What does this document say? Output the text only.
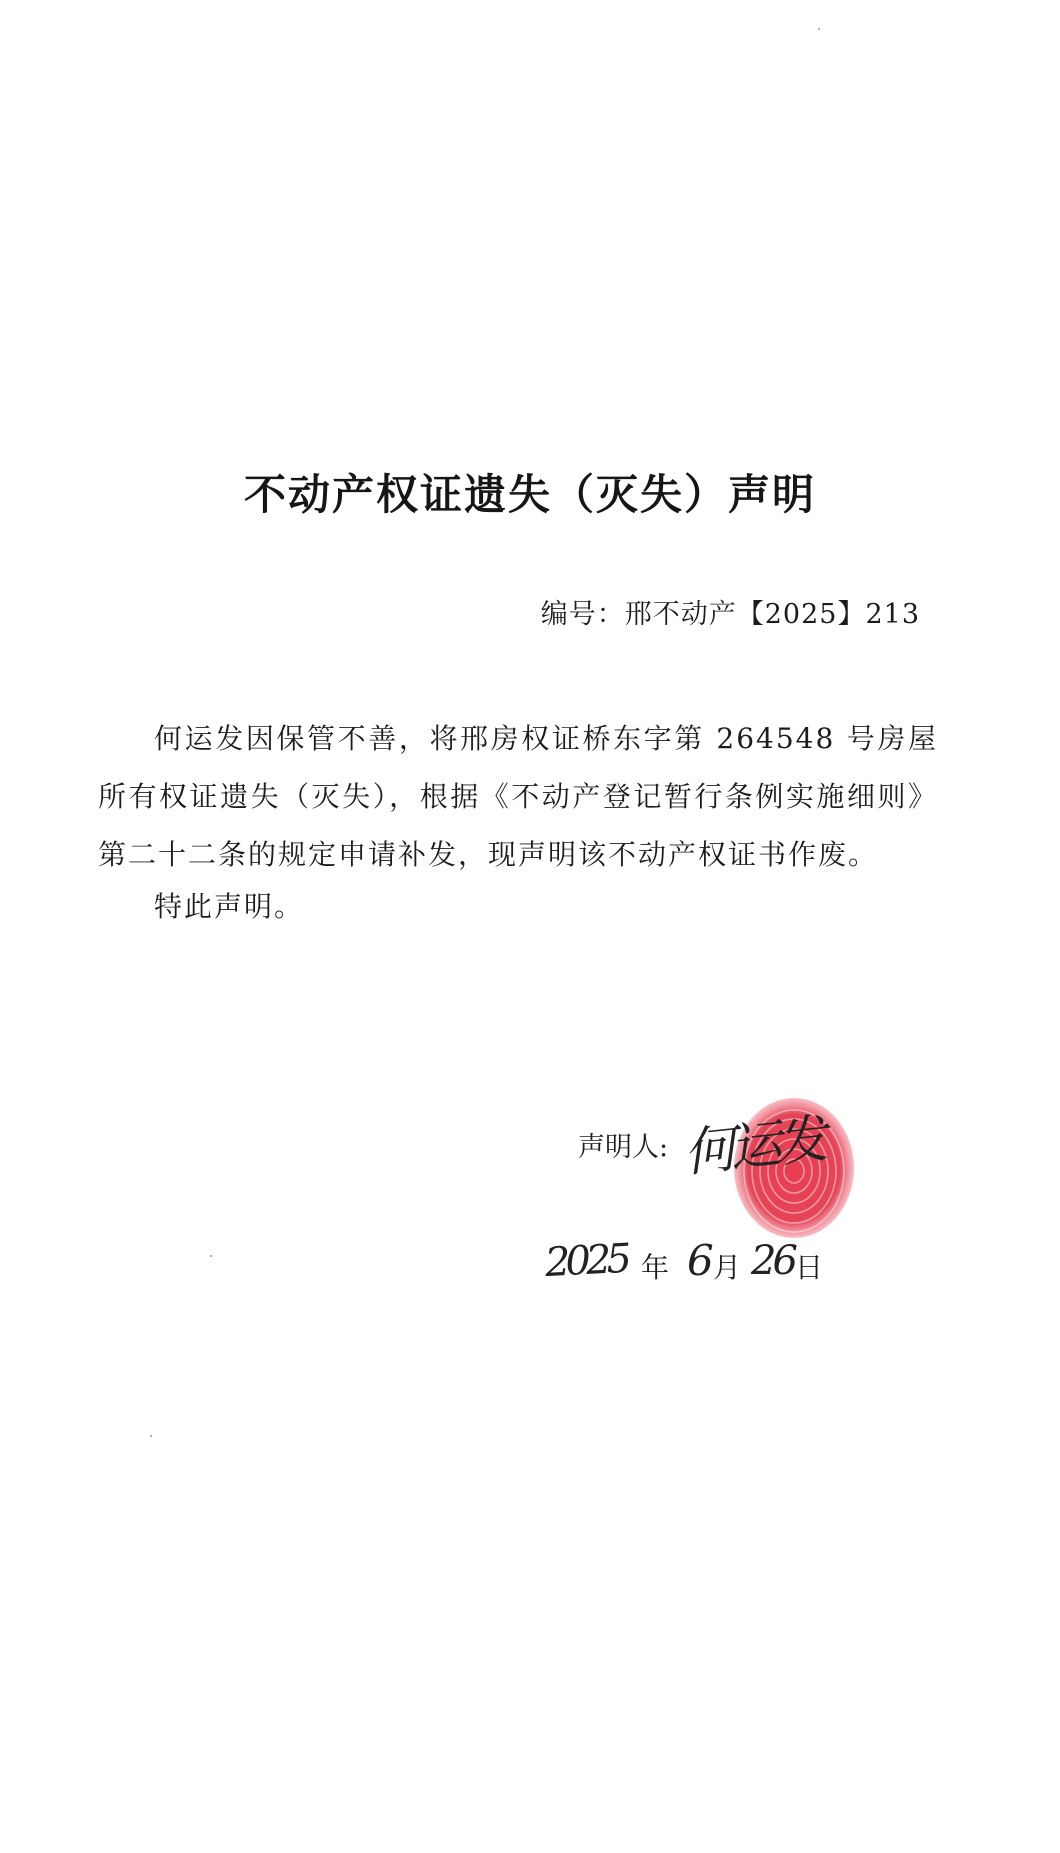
不动产权证遗失（灭失）声明
编号：邢不动产【2025】213
何运发因保管不善，将邢房权证桥东字第 264548 号房屋所有权证遗失（灭失），根据《不动产登记暂行条例实施细则》第二十二条的规定申请补发，现声明该不动产权证书作废。
特此声明。
声明人: 何运发
2025 年 6 月 26 日
